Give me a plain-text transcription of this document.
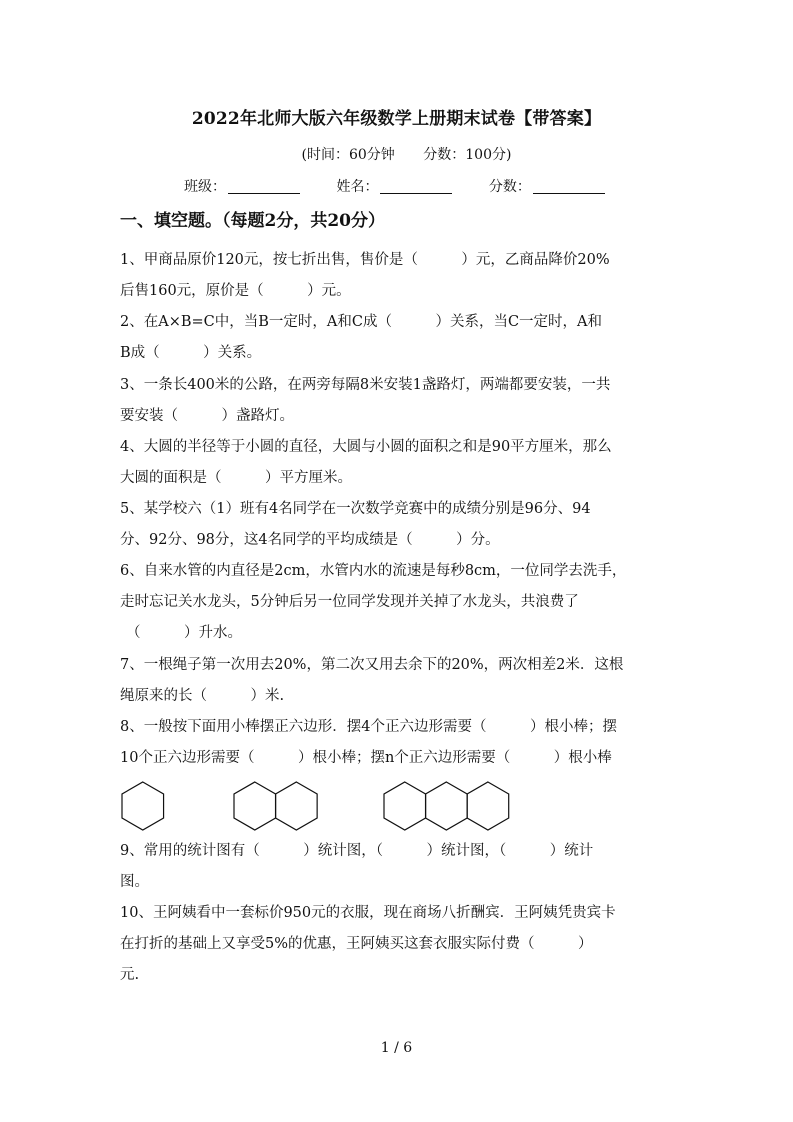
2022年北师大版六年级数学上册期末试卷【带答案】
(时间：60分钟 分数：100分)
班级：	姓名：	分数：
一、填空题。（每题2分，共20分）
1、甲商品原价120元，按七折出售，售价是（　　　）元，乙商品降价20%
后售160元，原价是（　　　）元。
2、在A×B=C中，当B一定时，A和C成（　　　）关系，当C一定时，A和
B成（　　　）关系。
3、一条长400米的公路，在两旁每隔8米安装1盏路灯，两端都要安装，一共
要安装（　　　）盏路灯。
4、大圆的半径等于小圆的直径，大圆与小圆的面积之和是90平方厘米，那么
大圆的面积是（　　　）平方厘米。
5、某学校六（1）班有4名同学在一次数学竞赛中的成绩分别是96分、94
分、92分、98分，这4名同学的平均成绩是（　　　）分。
6、自来水管的内直径是2cm，水管内水的流速是每秒8cm，一位同学去洗手，
走时忘记关水龙头，5分钟后另一位同学发现并关掉了水龙头，共浪费了
（　　　）升水。
7、一根绳子第一次用去20%，第二次又用去余下的20%，两次相差2米．这根
绳原来的长（　　　）米.
8、一般按下面用小棒摆正六边形．摆4个正六边形需要（　　　）根小棒；摆
10个正六边形需要（　　　）根小棒；摆n个正六边形需要（　　　）根小棒
9、常用的统计图有（　　　）统计图，（　　　）统计图，（　　　）统计
图。
10、王阿姨看中一套标价950元的衣服，现在商场八折酬宾．王阿姨凭贵宾卡
在打折的基础上又享受5%的优惠，王阿姨买这套衣服实际付费（　　　）
元.
1 / 6
